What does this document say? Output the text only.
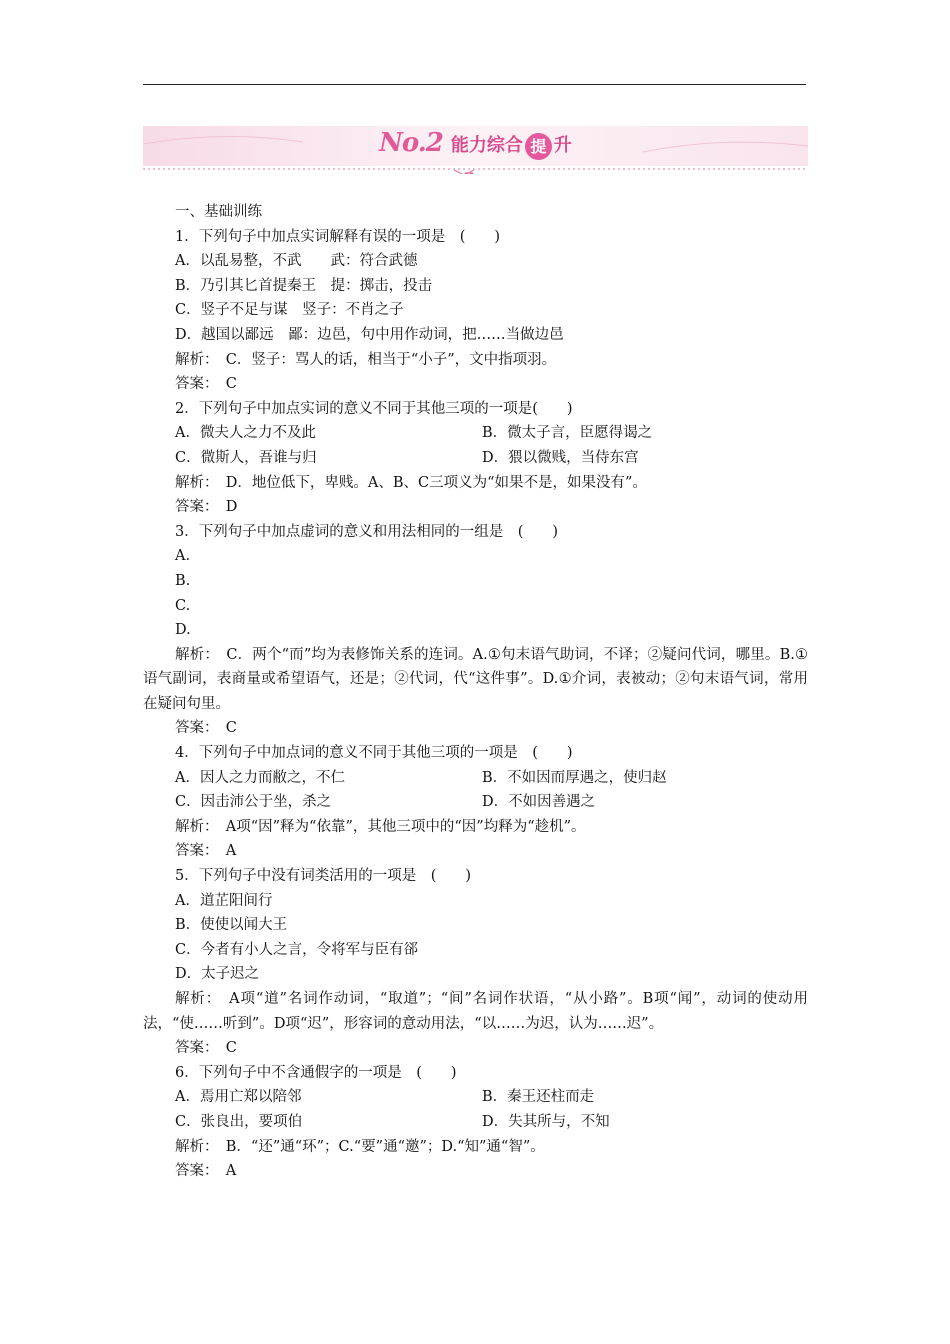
No.2 能力综合 提 升

一、基础训练

1．下列句子中加点实词解释有误的一项是　(　　)

A．以乱易整，不武　　武：符合武德

B．乃引其匕首提秦王　提：掷击，投击

C．竖子不足与谋　竖子：不肖之子

D．越国以鄙远　鄙：边邑，句中用作动词，把……当做边邑

解析：　C．竖子：骂人的话，相当于“小子”，文中指项羽。

答案：　C

2．下列句子中加点实词的意义不同于其他三项的一项是(　　)

A．微夫人之力不及此	B．微太子言，臣愿得谒之
C．微斯人，吾谁与归	D．猥以微贱，当侍东宫

解析：　D．地位低下，卑贱。A、B、C三项义为“如果不是，如果没有”。

答案：　D

3．下列句子中加点虚词的意义和用法相同的一组是　(　　)

A.

B.

C.

D.

解析：　C．两个“而”均为表修饰关系的连词。A.①句末语气助词，不译；②疑问代词，哪里。B.①语气副词，表商量或希望语气，还是；②代词，代“这件事”。D.①介词，表被动；②句末语气词，常用在疑问句里。

答案：　C

4．下列句子中加点词的意义不同于其他三项的一项是　(　　)

A．因人之力而敝之，不仁	B．不如因而厚遇之，使归赵
C．因击沛公于坐，杀之	D．不如因善遇之

解析：　A项“因”释为“依靠”，其他三项中的“因”均释为“趁机”。

答案：　A

5．下列句子中没有词类活用的一项是　(　　)

A．道芷阳间行

B．使使以闻大王

C．今者有小人之言，令将军与臣有郤

D．太子迟之

解析：　A项“道”名词作动词，“取道”；“间”名词作状语，“从小路”。B项“闻”，动词的使动用法，“使……听到”。D项“迟”，形容词的意动用法，“以……为迟，认为……迟”。

答案：　C

6．下列句子中不含通假字的一项是　(　　)

A．焉用亡郑以陪邻	B．秦王还柱而走
C．张良出，要项伯	D．失其所与，不知

解析：　B．“还”通“环”；C.“要”通“邀”；D.“知”通“智”。

答案：　A
